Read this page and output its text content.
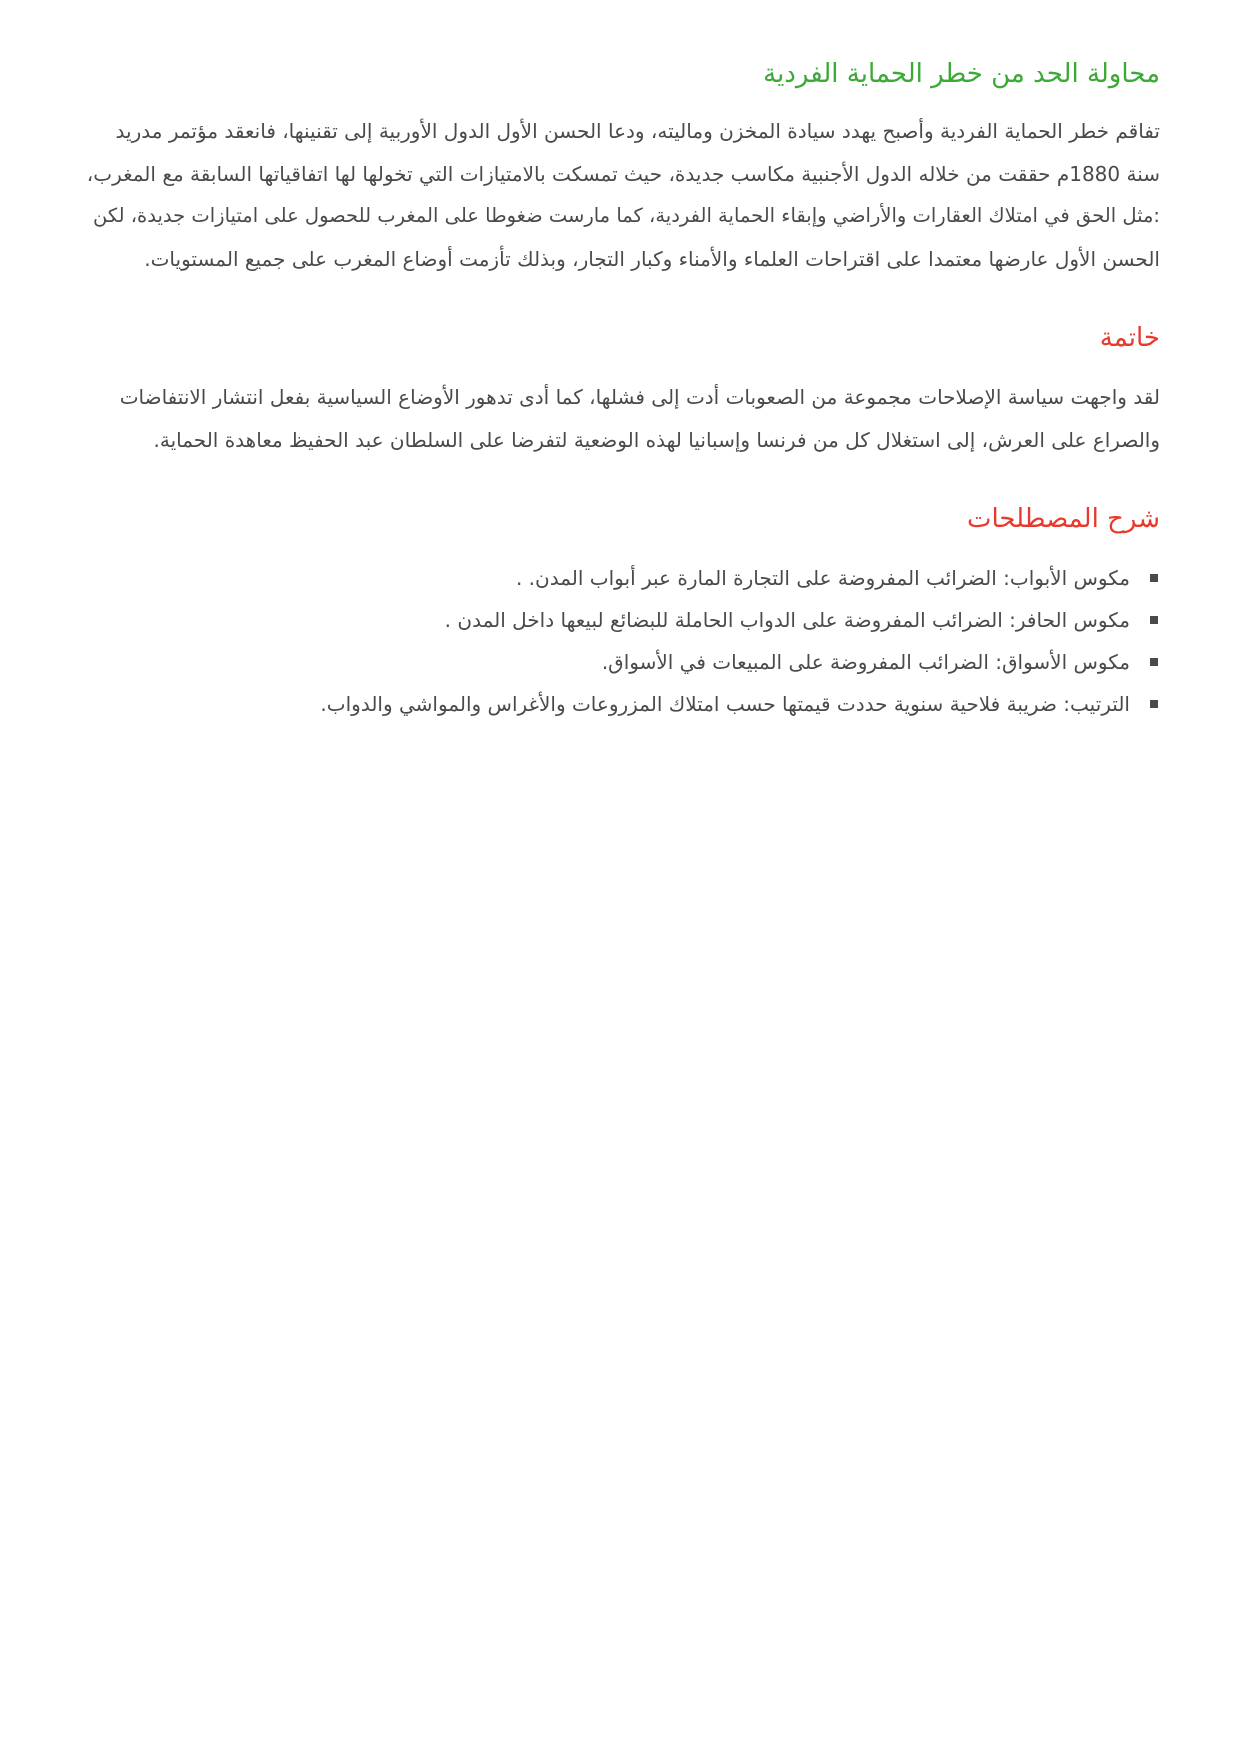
محاولة الحد من خطر الحماية الفردية

تفاقم خطر الحماية الفردية وأصبح يهدد سيادة المخزن وماليته، ودعا الحسن الأول الدول الأوربية إلى تقنينها، فانعقد مؤتمر مدريد
سنة 1880م حققت من خلاله الدول الأجنبية مكاسب جديدة، حيث تمسكت بالامتيازات التي تخولها لها اتفاقياتها السابقة مع المغرب،
:مثل الحق في امتلاك العقارات والأراضي وإبقاء الحماية الفردية، كما مارست ضغوطا على المغرب للحصول على امتيازات جديدة، لكن
الحسن الأول عارضها معتمدا على اقتراحات العلماء والأمناء وكبار التجار، وبذلك تأزمت أوضاع المغرب على جميع المستويات.

خاتمة

لقد واجهت سياسة الإصلاحات مجموعة من الصعوبات أدت إلى فشلها، كما أدى تدهور الأوضاع السياسية بفعل انتشار الانتفاضات
والصراع على العرش، إلى استغلال كل من فرنسا وإسبانيا لهذه الوضعية لتفرضا على السلطان عبد الحفيظ معاهدة الحماية.

شرح المصطلحات
مكوس الأبواب: الضرائب المفروضة على التجارة المارة عبر أبواب المدن. .
مكوس الحافر: الضرائب المفروضة على الدواب الحاملة للبضائع لبيعها داخل المدن .
مكوس الأسواق: الضرائب المفروضة على المبيعات في الأسواق.
الترتيب: ضريبة فلاحية سنوية حددت قيمتها حسب امتلاك المزروعات والأغراس والمواشي والدواب.
